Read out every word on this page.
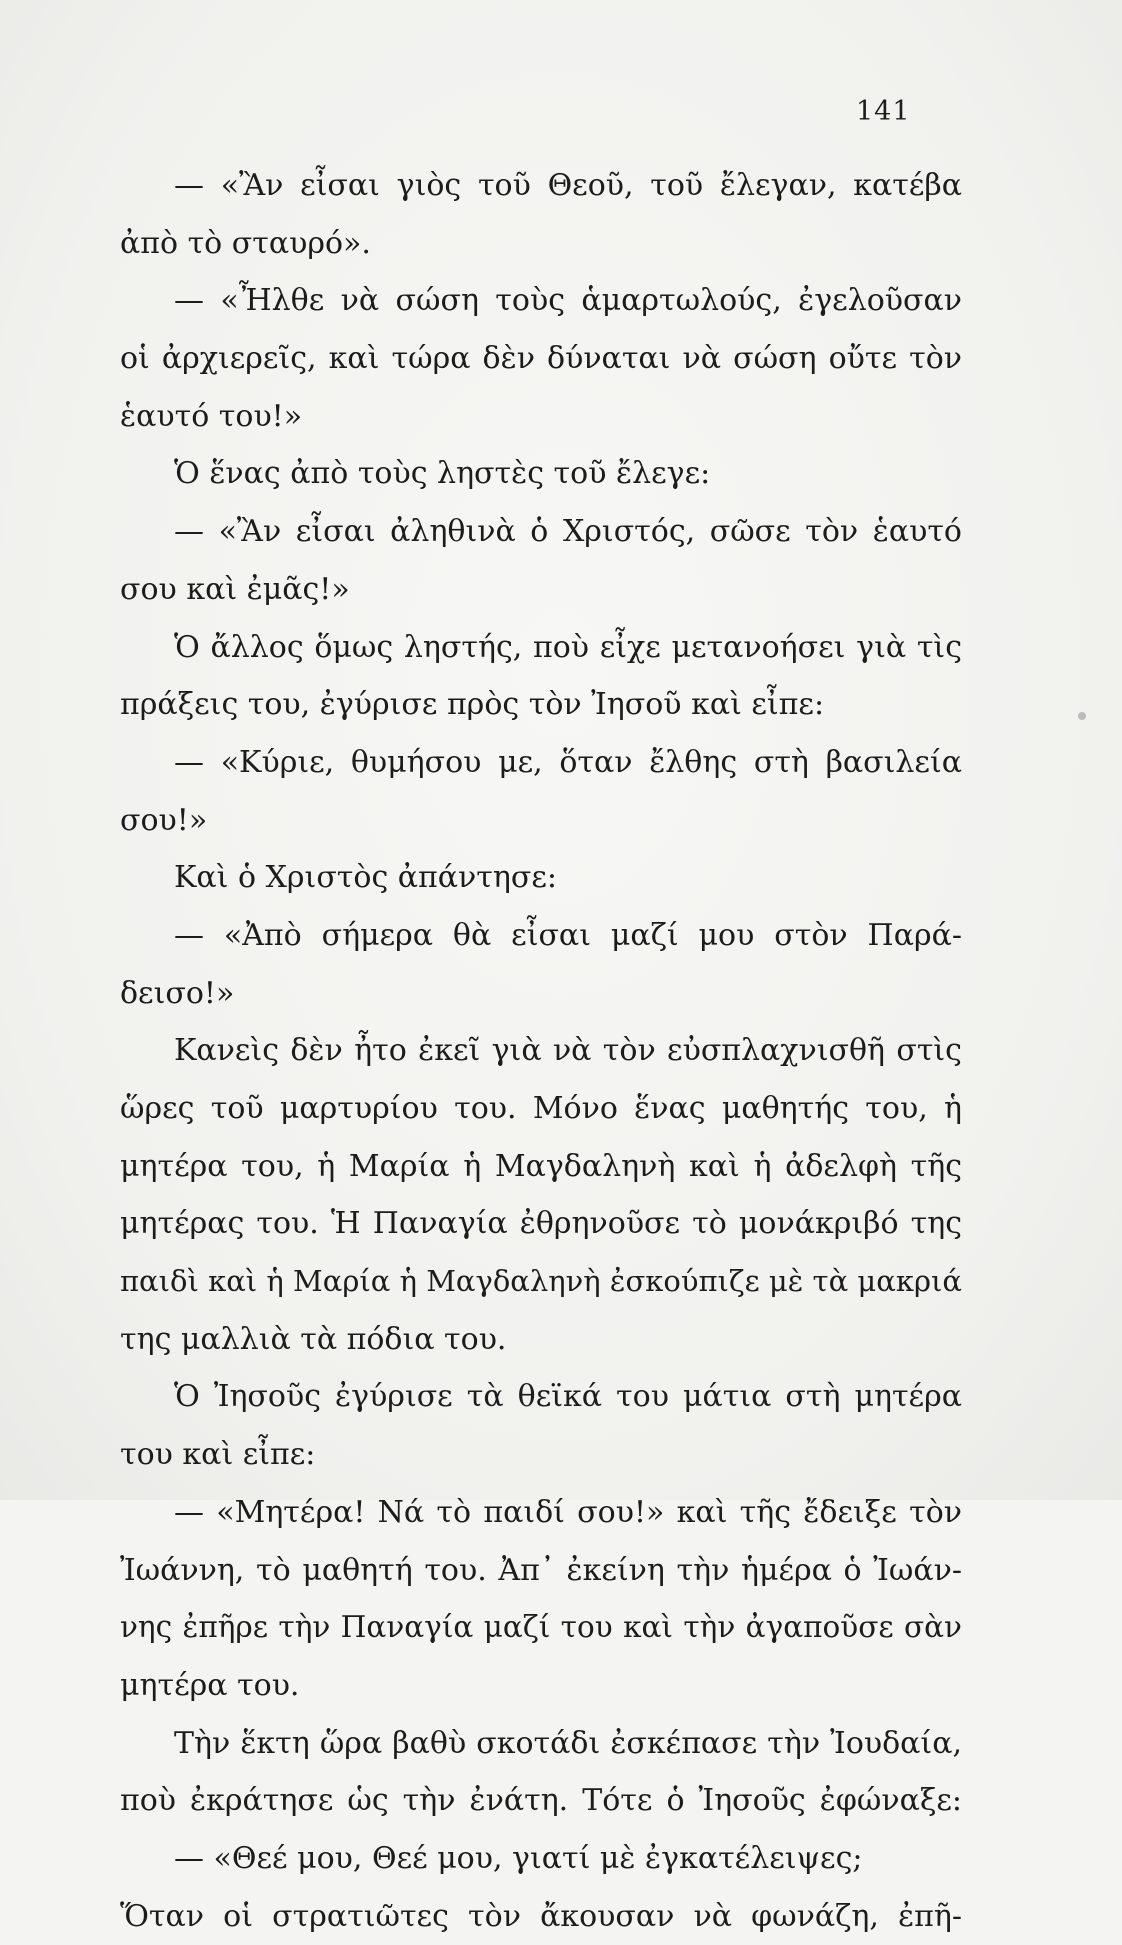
141
— «Ἂν εἶσαι γιὸς τοῦ Θεοῦ, τοῦ ἔλεγαν, κατέβα
ἀπὸ τὸ σταυρό».
— «Ἦλθε νὰ σώση τοὺς ἁμαρτωλούς, ἐγελοῦσαν
οἱ ἀρχιερεῖς, καὶ τώρα δὲν δύναται νὰ σώση οὔτε τὸν
ἑαυτό του!»
Ὁ ἕνας ἀπὸ τοὺς ληστὲς τοῦ ἔλεγε:
— «Ἂν εἶσαι ἀληθινὰ ὁ Χριστός, σῶσε τὸν ἑαυτό
σου καὶ ἐμᾶς!»
Ὁ ἄλλος ὅμως ληστής, ποὺ εἶχε μετανοήσει γιὰ τὶς
πράξεις του, ἐγύρισε πρὸς τὸν Ἰησοῦ καὶ εἶπε:
— «Κύριε, θυμήσου με, ὅταν ἔλθης στὴ βασιλεία
σου!»
Καὶ ὁ Χριστὸς ἀπάντησε:
— «Ἀπὸ σήμερα θὰ εἶσαι μαζί μου στὸν Παρά-
δεισο!»
Κανεὶς δὲν ἦτο ἐκεῖ γιὰ νὰ τὸν εὐσπλαχνισθῆ στὶς
ὥρες τοῦ μαρτυρίου του. Μόνο ἕνας μαθητής του, ἡ
μητέρα του, ἡ Μαρία ἡ Μαγδαληνὴ καὶ ἡ ἀδελφὴ τῆς
μητέρας του. Ἡ Παναγία ἐθρηνοῦσε τὸ μονάκριβό της
παιδὶ καὶ ἡ Μαρία ἡ Μαγδαληνὴ ἐσκούπιζε μὲ τὰ μακριά
της μαλλιὰ τὰ πόδια του.
Ὁ Ἰησοῦς ἐγύρισε τὰ θεϊκά του μάτια στὴ μητέρα
του καὶ εἶπε:
— «Μητέρα! Νά τὸ παιδί σου!» καὶ τῆς ἔδειξε τὸν
Ἰωάννη, τὸ μαθητή του. Ἀπ᾽ ἐκείνη τὴν ἡμέρα ὁ Ἰωάν-
νης ἐπῆρε τὴν Παναγία μαζί του καὶ τὴν ἀγαποῦσε σὰν
μητέρα του.
Τὴν ἕκτη ὥρα βαθὺ σκοτάδι ἐσκέπασε τὴν Ἰουδαία,
ποὺ ἐκράτησε ὡς τὴν ἐνάτη. Τότε ὁ Ἰησοῦς ἐφώναξε:
— «Θεέ μου, Θεέ μου, γιατί μὲ ἐγκατέλειψες;
Ὅταν οἱ στρατιῶτες τὸν ἄκουσαν νὰ φωνάζη, ἐπῆ-
